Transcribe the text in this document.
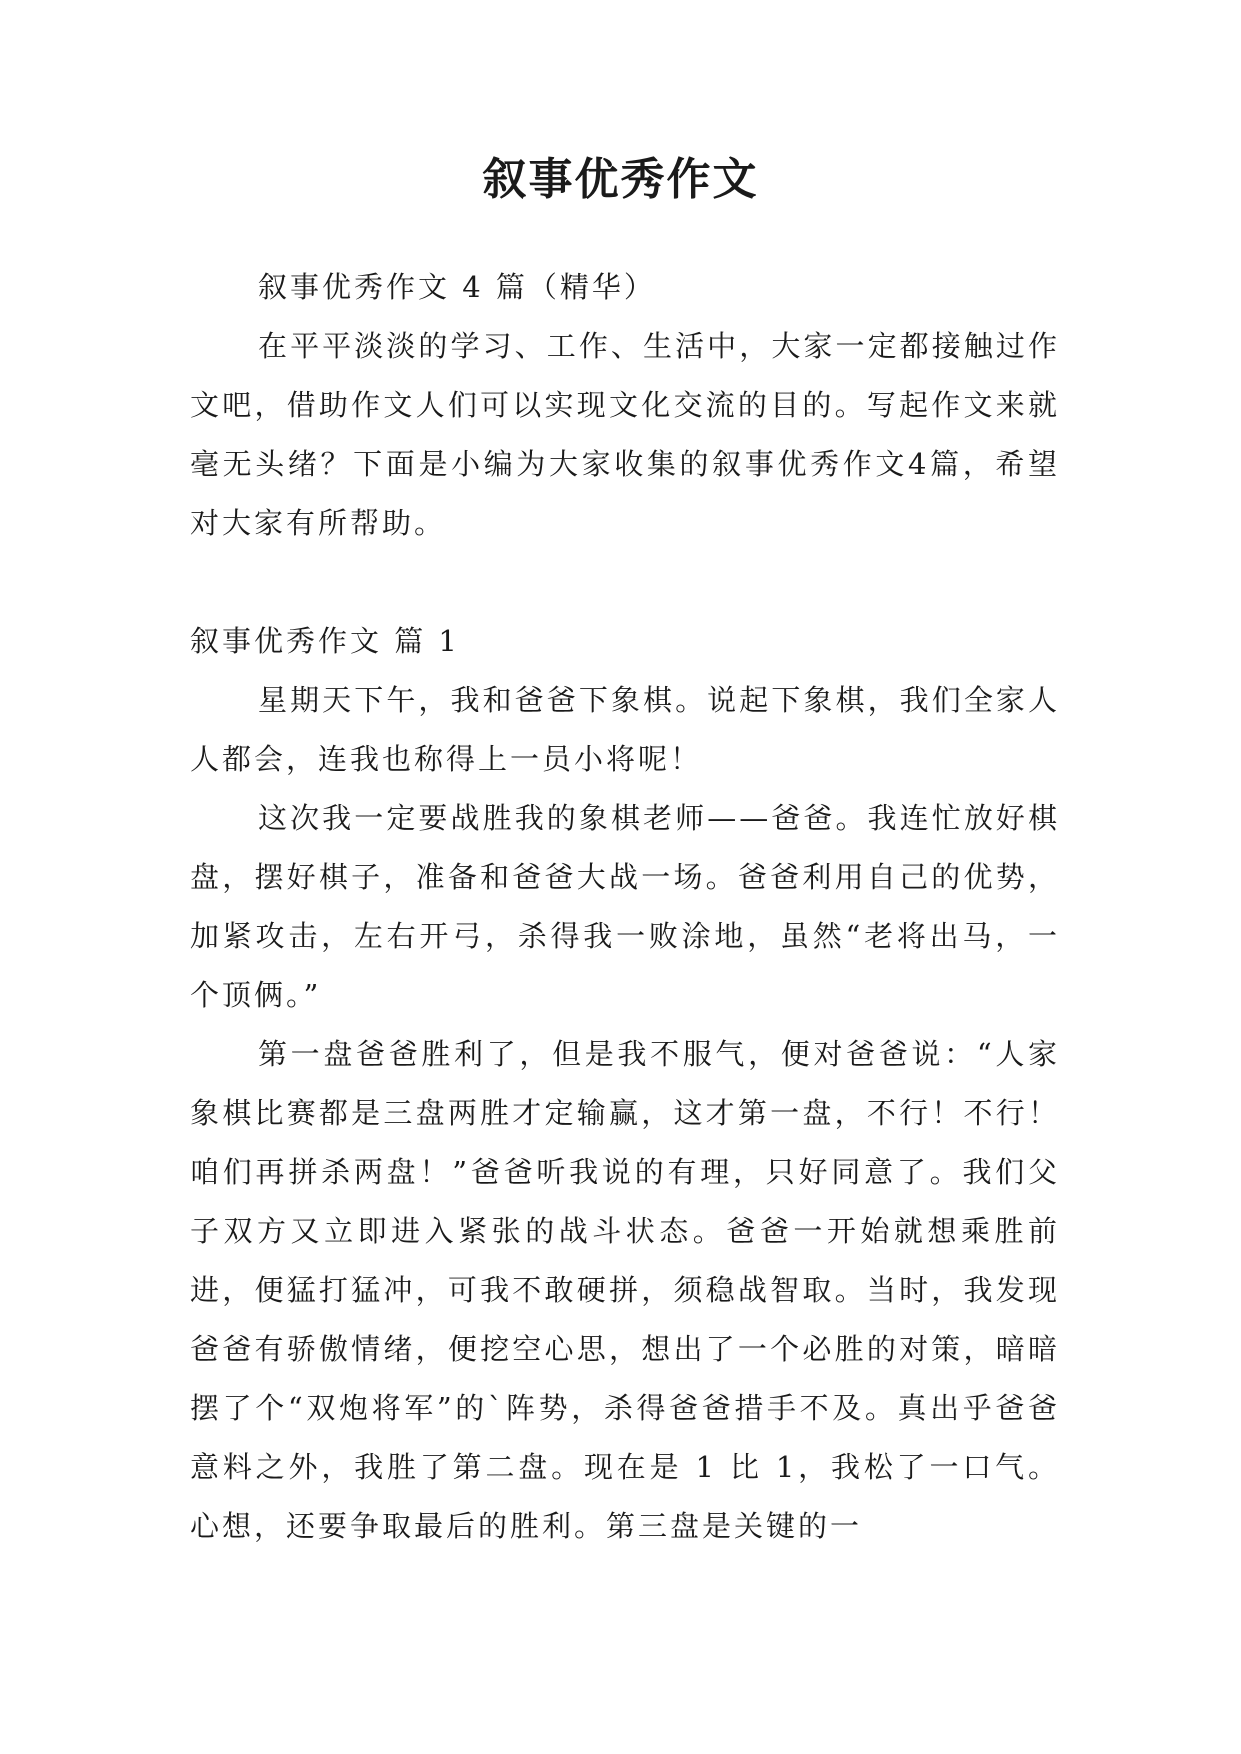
叙事优秀作文

叙事优秀作文 4 篇（精华）

在平平淡淡的学习、工作、生活中，大家一定都接触过作文吧，借助作文人们可以实现文化交流的目的。写起作文来就毫无头绪？下面是小编为大家收集的叙事优秀作文4篇，希望对大家有所帮助。

叙事优秀作文 篇 1

星期天下午，我和爸爸下象棋。说起下象棋，我们全家人人都会，连我也称得上一员小将呢！

这次我一定要战胜我的象棋老师——爸爸。我连忙放好棋盘，摆好棋子，准备和爸爸大战一场。爸爸利用自己的优势，加紧攻击，左右开弓，杀得我一败涂地，虽然“老将出马，一个顶俩。”

第一盘爸爸胜利了，但是我不服气，便对爸爸说：“人家象棋比赛都是三盘两胜才定输赢，这才第一盘，不行！不行！咱们再拼杀两盘！”爸爸听我说的有理，只好同意了。我们父子双方又立即进入紧张的战斗状态。爸爸一开始就想乘胜前进，便猛打猛冲，可我不敢硬拼，须稳战智取。当时，我发现爸爸有骄傲情绪，便挖空心思，想出了一个必胜的对策，暗暗摆了个“双炮将军”的`阵势，杀得爸爸措手不及。真出乎爸爸意料之外，我胜了第二盘。现在是 1 比 1，我松了一口气。心想，还要争取最后的胜利。第三盘是关键的一
